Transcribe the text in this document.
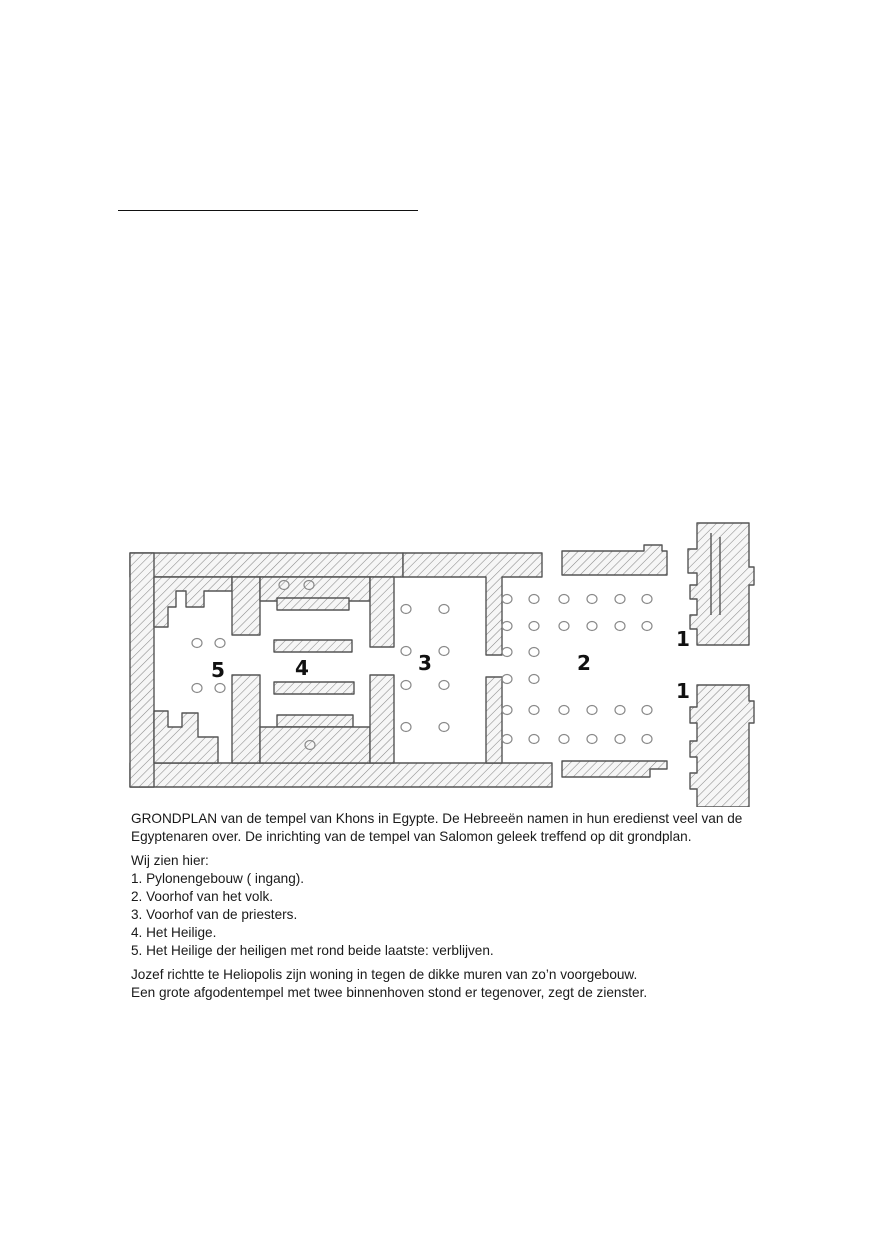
5	4	3	2
1
1

GRONDPLAN van de tempel van Khons in Egypte. De Hebreeën namen in hun eredienst veel van de

Egyptenaren over. De inrichting van de tempel van Salomon geleek treffend op dit grondplan.

Wij zien hier:

1. Pylonengebouw ( ingang).

2. Voorhof van het volk.

3. Voorhof van de priesters.

4. Het Heilige.

5. Het Heilige der heiligen met rond beide laatste: verblijven.

Jozef richtte te Heliopolis zijn woning in tegen de dikke muren van zo’n voorgebouw.

Een grote afgodentempel met twee binnenhoven stond er tegenover, zegt de zienster.
